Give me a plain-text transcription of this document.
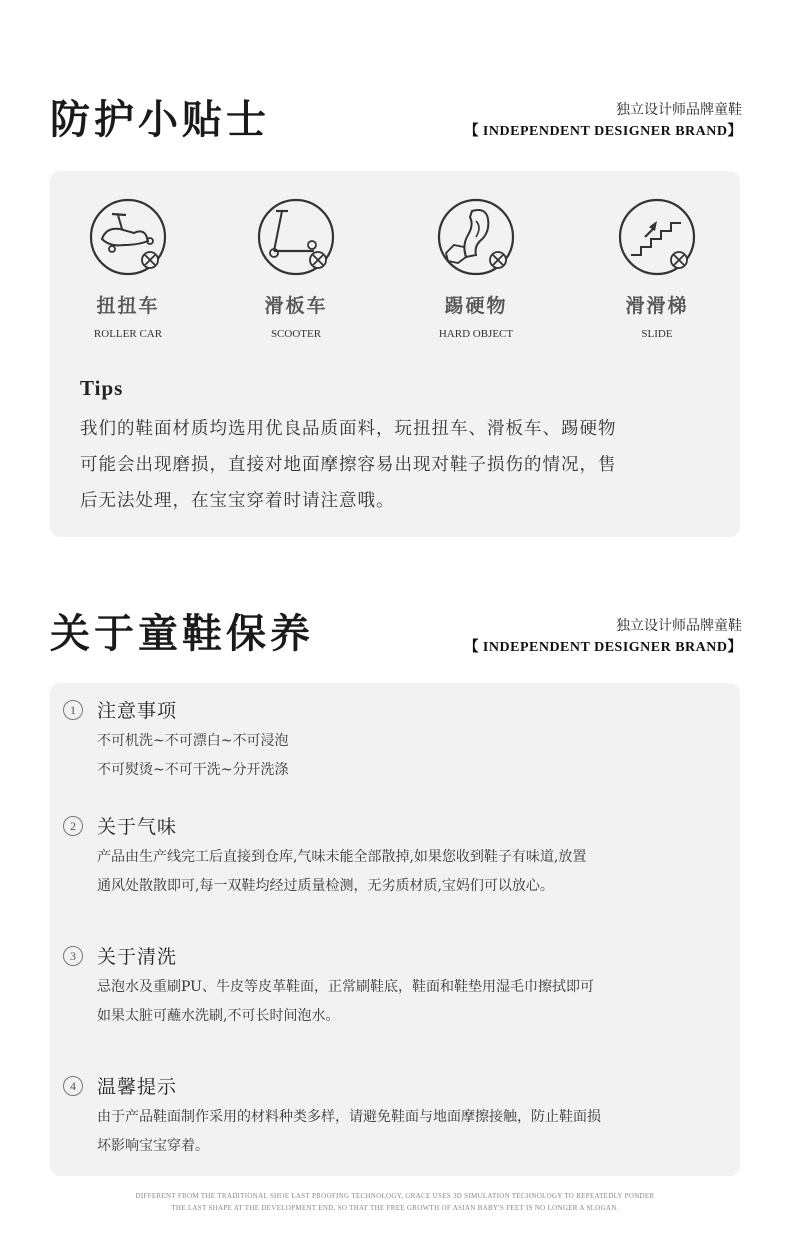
防护小贴士	独立设计师品牌童鞋
【 INDEPENDENT DESIGNER BRAND】
扭扭车
ROLLER CAR
滑板车
SCOOTER
踢硬物
HARD OBJECT
滑滑梯
SLIDE
Tips
我们的鞋面材质均选用优良品质面料，玩扭扭车、滑板车、踢硬物
可能会出现磨损，直接对地面摩擦容易出现对鞋子损伤的情况，售
后无法处理，在宝宝穿着时请注意哦。
关于童鞋保养	独立设计师品牌童鞋
【 INDEPENDENT DESIGNER BRAND】
1	注意事项
不可机洗~不可漂白~不可浸泡
不可熨烫~不可干洗~分开洗涤
2	关于气味
产品由生产线完工后直接到仓库,气味未能全部散掉,如果您收到鞋子有味道,放置
通风处散散即可,每一双鞋均经过质量检测，无劣质材质,宝妈们可以放心。
3	关于清洗
忌泡水及重刷PU、牛皮等皮革鞋面，正常刷鞋底，鞋面和鞋垫用湿毛巾擦拭即可
如果太脏可蘸水洗刷,不可长时间泡水。
4	温馨提示
由于产品鞋面制作采用的材料种类多样，请避免鞋面与地面摩擦接触，防止鞋面损
坏影响宝宝穿着。
DIFFERENT FROM THE TRADITIONAL SHOE LAST PROOFING TECHNOLOGY, GRACE USES 3D SIMULATION TECHNOLOGY TO REPEATEDLY PONDER
THE LAST SHAPE AT THE DEVELOPMENT END, SO THAT THE FREE GROWTH OF ASIAN BABY'S FEET IS NO LONGER A SLOGAN.
